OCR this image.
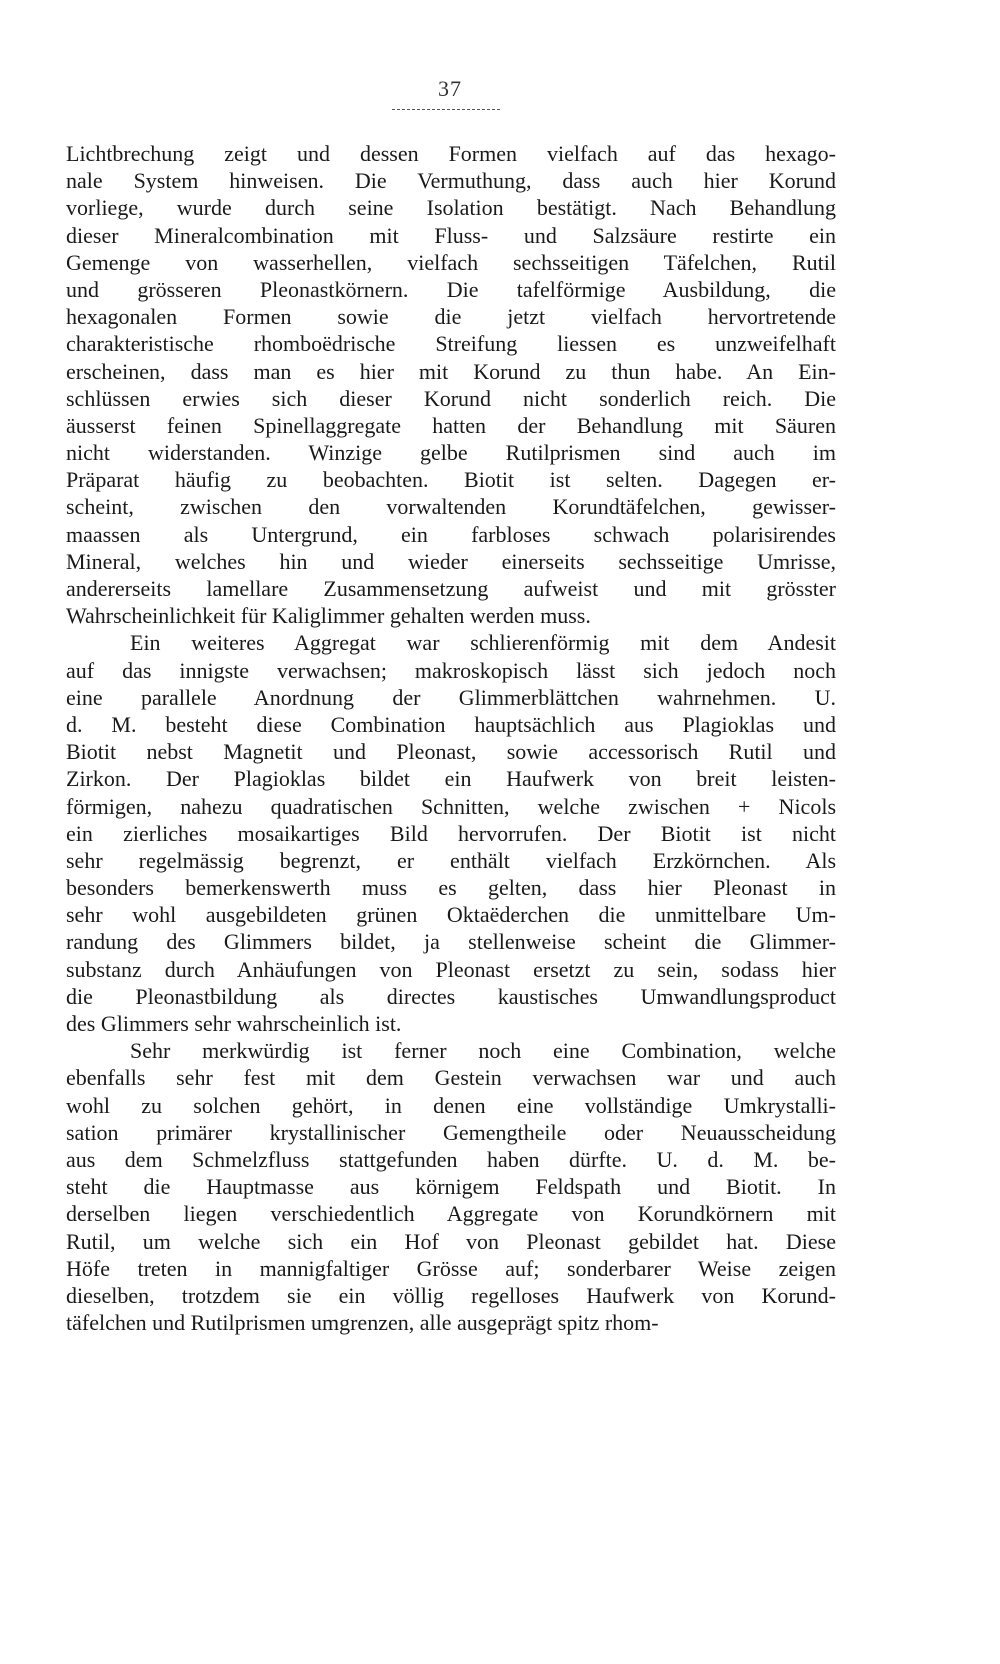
37
Lichtbrechung zeigt und dessen Formen vielfach auf das hexago-
nale System hinweisen. Die Vermuthung, dass auch hier Korund
vorliege, wurde durch seine Isolation bestätigt. Nach Behandlung
dieser Mineralcombination mit Fluss- und Salzsäure restirte ein
Gemenge von wasserhellen, vielfach sechsseitigen Täfelchen, Rutil
und grösseren Pleonastkörnern. Die tafelförmige Ausbildung, die
hexagonalen Formen sowie die jetzt vielfach hervortretende
charakteristische rhomboëdrische Streifung liessen es unzweifelhaft
erscheinen, dass man es hier mit Korund zu thun habe. An Ein-
schlüssen erwies sich dieser Korund nicht sonderlich reich. Die
äusserst feinen Spinellaggregate hatten der Behandlung mit Säuren
nicht widerstanden. Winzige gelbe Rutilprismen sind auch im
Präparat häufig zu beobachten. Biotit ist selten. Dagegen er-
scheint, zwischen den vorwaltenden Korundtäfelchen, gewisser-
maassen als Untergrund, ein farbloses schwach polarisirendes
Mineral, welches hin und wieder einerseits sechsseitige Umrisse,
andererseits lamellare Zusammensetzung aufweist und mit grösster
Wahrscheinlichkeit für Kaliglimmer gehalten werden muss.
Ein weiteres Aggregat war schlierenförmig mit dem Andesit
auf das innigste verwachsen; makroskopisch lässt sich jedoch noch
eine parallele Anordnung der Glimmerblättchen wahrnehmen. U.
d. M. besteht diese Combination hauptsächlich aus Plagioklas und
Biotit nebst Magnetit und Pleonast, sowie accessorisch Rutil und
Zirkon. Der Plagioklas bildet ein Haufwerk von breit leisten-
förmigen, nahezu quadratischen Schnitten, welche zwischen + Nicols
ein zierliches mosaikartiges Bild hervorrufen. Der Biotit ist nicht
sehr regelmässig begrenzt, er enthält vielfach Erzkörnchen. Als
besonders bemerkenswerth muss es gelten, dass hier Pleonast in
sehr wohl ausgebildeten grünen Oktaëderchen die unmittelbare Um-
randung des Glimmers bildet, ja stellenweise scheint die Glimmer-
substanz durch Anhäufungen von Pleonast ersetzt zu sein, sodass hier
die Pleonastbildung als directes kaustisches Umwandlungsproduct
des Glimmers sehr wahrscheinlich ist.
Sehr merkwürdig ist ferner noch eine Combination, welche
ebenfalls sehr fest mit dem Gestein verwachsen war und auch
wohl zu solchen gehört, in denen eine vollständige Umkrystalli-
sation primärer krystallinischer Gemengtheile oder Neuausscheidung
aus dem Schmelzfluss stattgefunden haben dürfte. U. d. M. be-
steht die Hauptmasse aus körnigem Feldspath und Biotit. In
derselben liegen verschiedentlich Aggregate von Korundkörnern mit
Rutil, um welche sich ein Hof von Pleonast gebildet hat. Diese
Höfe treten in mannigfaltiger Grösse auf; sonderbarer Weise zeigen
dieselben, trotzdem sie ein völlig regelloses Haufwerk von Korund-
täfelchen und Rutilprismen umgrenzen, alle ausgeprägt spitz rhom-
